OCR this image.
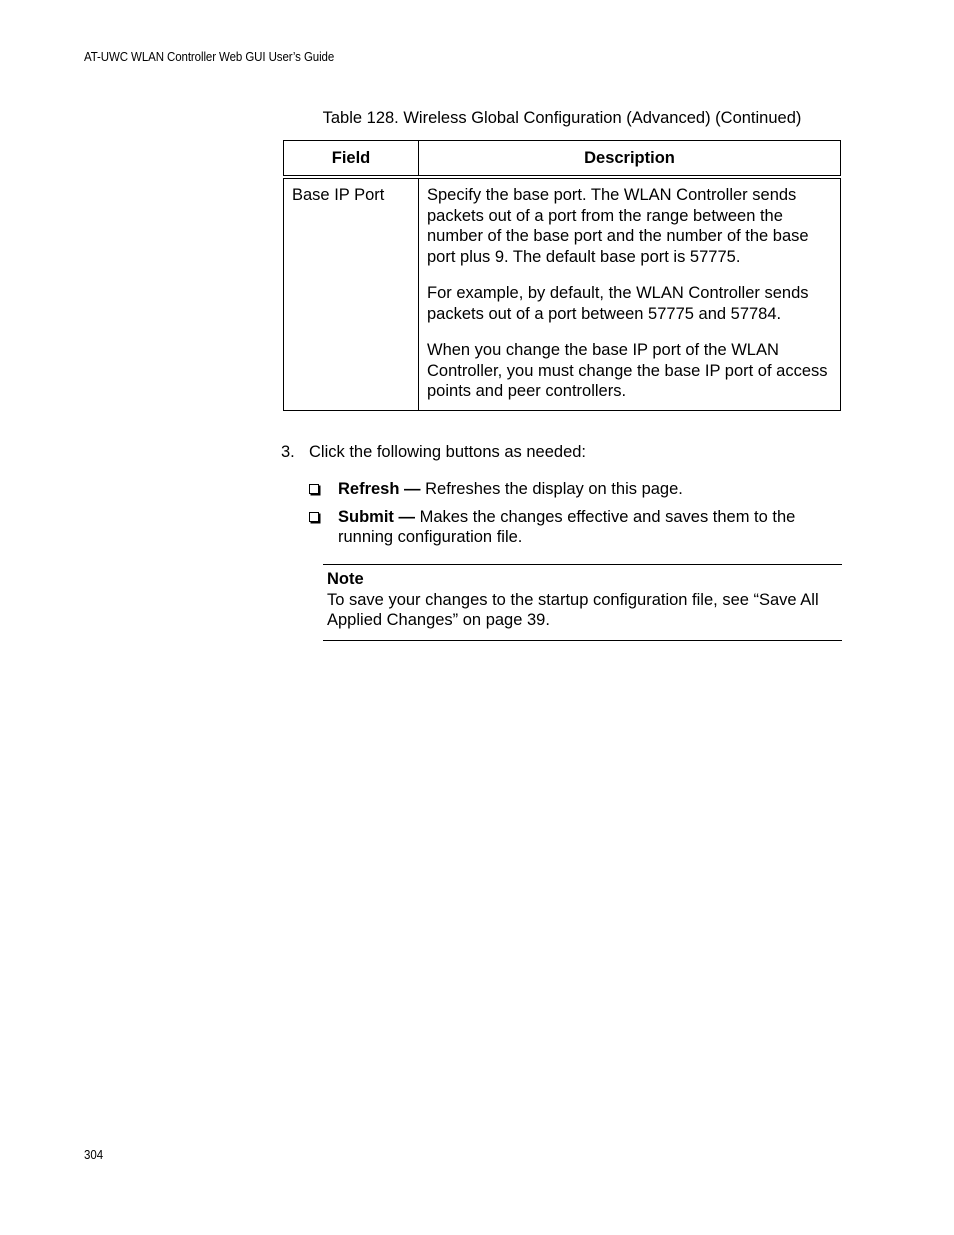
AT-UWC WLAN Controller Web GUI User’s Guide
Table 128. Wireless Global Configuration (Advanced) (Continued)
Field	Description
Base IP Port	Specify the base port. The WLAN Controller sends packets out of a port from the range between the number of the base port and the number of the base port plus 9. The default base port is 57775.

For example, by default, the WLAN Controller sends packets out of a port between 57775 and 57784.

When you change the base IP port of the WLAN Controller, you must change the base IP port of access points and peer controllers.

3. Click the following buttons as needed:
Refresh — Refreshes the display on this page.
Submit — Makes the changes effective and saves them to the running configuration file.
Note
To save your changes to the startup configuration file, see “Save All Applied Changes” on page 39.
304
